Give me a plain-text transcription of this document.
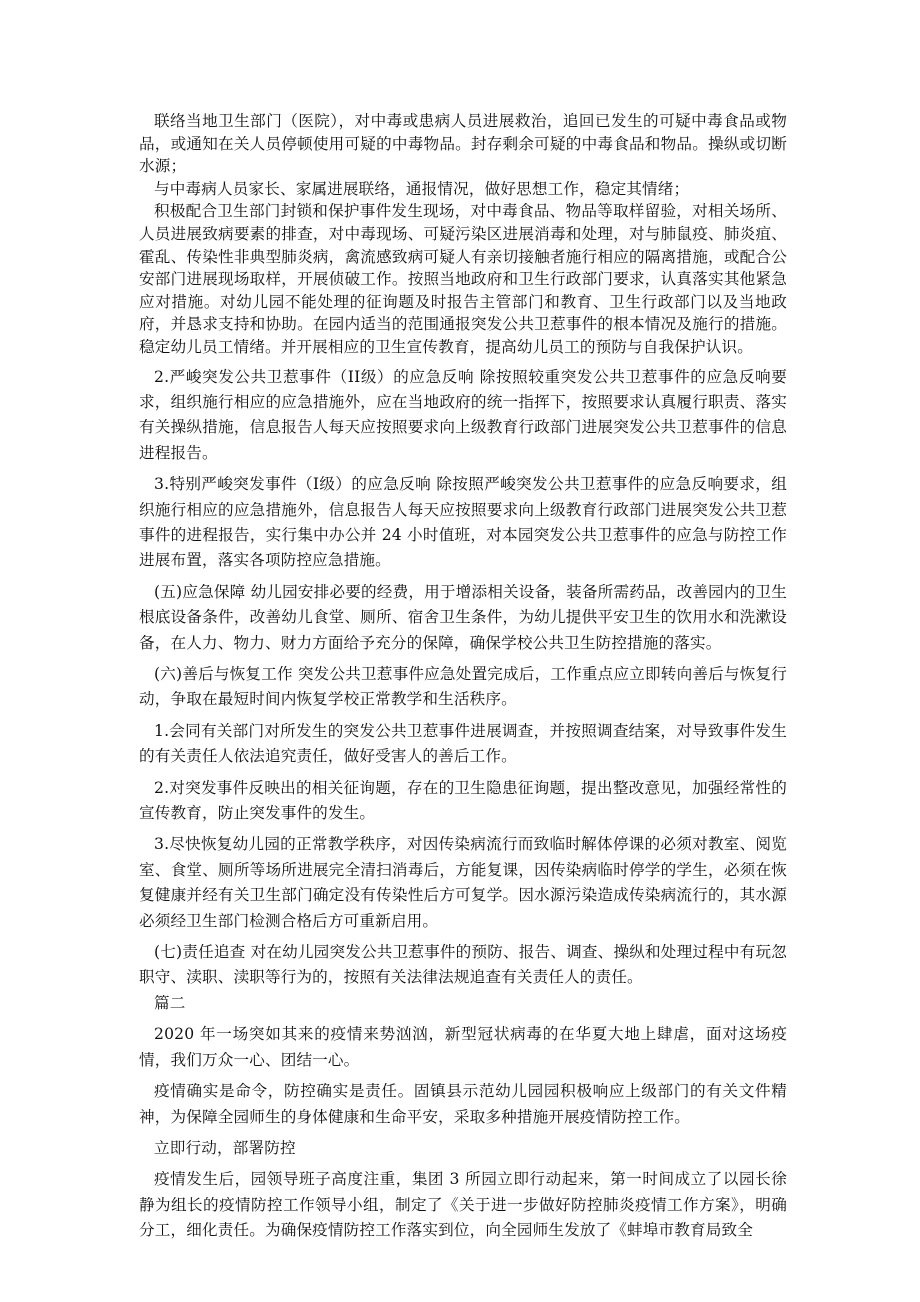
联络当地卫生部门（医院），对中毒或患病人员进展救治，追回已发生的可疑中毒食品或物品，或通知在关人员停顿使用可疑的中毒物品。封存剩余可疑的中毒食品和物品。操纵或切断水源；

与中毒病人员家长、家属进展联络，通报情况，做好思想工作，稳定其情绪；

积极配合卫生部门封锁和保护事件发生现场，对中毒食品、物品等取样留验，对相关场所、人员进展致病要素的排查，对中毒现场、可疑污染区进展消毒和处理，对与肺鼠疫、肺炎疽、霍乱、传染性非典型肺炎病，禽流感致病可疑人有亲切接触者施行相应的隔离措施，或配合公安部门进展现场取样，开展侦破工作。按照当地政府和卫生行政部门要求，认真落实其他紧急应对措施。对幼儿园不能处理的征询题及时报告主管部门和教育、卫生行政部门以及当地政府，并恳求支持和协助。在园内适当的范围通报突发公共卫惹事件的根本情况及施行的措施。稳定幼儿员工情绪。并开展相应的卫生宣传教育，提高幼儿员工的预防与自我保护认识。

2.严峻突发公共卫惹事件（II级）的应急反响 除按照较重突发公共卫惹事件的应急反响要求，组织施行相应的应急措施外，应在当地政府的统一指挥下，按照要求认真履行职责、落实有关操纵措施，信息报告人每天应按照要求向上级教育行政部门进展突发公共卫惹事件的信息进程报告。

3.特别严峻突发事件（I级）的应急反响 除按照严峻突发公共卫惹事件的应急反响要求，组织施行相应的应急措施外，信息报告人每天应按照要求向上级教育行政部门进展突发公共卫惹事件的进程报告，实行集中办公并 24 小时值班，对本园突发公共卫惹事件的应急与防控工作进展布置，落实各项防控应急措施。

(五)应急保障 幼儿园安排必要的经费，用于增添相关设备，装备所需药品，改善园内的卫生根底设备条件，改善幼儿食堂、厕所、宿舍卫生条件，为幼儿提供平安卫生的饮用水和洗漱设备，在人力、物力、财力方面给予充分的保障，确保学校公共卫生防控措施的落实。

(六)善后与恢复工作 突发公共卫惹事件应急处置完成后，工作重点应立即转向善后与恢复行动，争取在最短时间内恢复学校正常教学和生活秩序。

1.会同有关部门对所发生的突发公共卫惹事件进展调查，并按照调查结案，对导致事件发生的有关责任人依法追究责任，做好受害人的善后工作。

2.对突发事件反映出的相关征询题，存在的卫生隐患征询题，提出整改意见，加强经常性的宣传教育，防止突发事件的发生。

3.尽快恢复幼儿园的正常教学秩序，对因传染病流行而致临时解体停课的必须对教室、阅览室、食堂、厕所等场所进展完全清扫消毒后，方能复课，因传染病临时停学的学生，必须在恢复健康并经有关卫生部门确定没有传染性后方可复学。因水源污染造成传染病流行的，其水源必须经卫生部门检测合格后方可重新启用。

(七)责任追查 对在幼儿园突发公共卫惹事件的预防、报告、调查、操纵和处理过程中有玩忽职守、渎职、渎职等行为的，按照有关法律法规追查有关责任人的责任。

篇二

2020 年一场突如其来的疫情来势汹汹，新型冠状病毒的在华夏大地上肆虐，面对这场疫情，我们万众一心、团结一心。

疫情确实是命令，防控确实是责任。固镇县示范幼儿园园积极响应上级部门的有关文件精神，为保障全园师生的身体健康和生命平安，采取多种措施开展疫情防控工作。

立即行动，部署防控

疫情发生后，园领导班子高度注重，集团 3 所园立即行动起来，第一时间成立了以园长徐静为组长的疫情防控工作领导小组，制定了《关于进一步做好防控肺炎疫情工作方案》，明确分工，细化责任。为确保疫情防控工作落实到位，向全园师生发放了《蚌埠市教育局致全
